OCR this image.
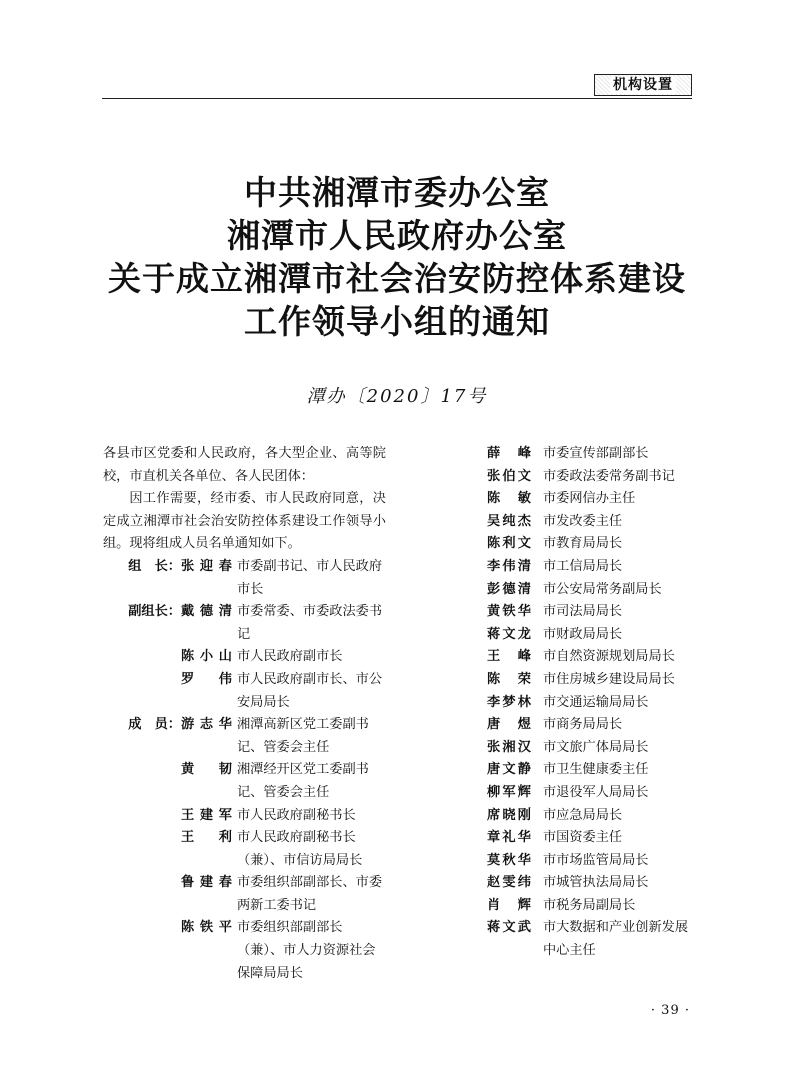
机构设置
中共湘潭市委办公室
湘潭市人民政府办公室
关于成立湘潭市社会治安防控体系建设
工作领导小组的通知
潭办〔2020〕17号

各县市区党委和人民政府，各大型企业、高等院校，市直机关各单位、各人民团体：

因工作需要，经市委、市人民政府同意，决定成立湘潭市社会治安防控体系建设工作领导小组。现将组成人员名单通知如下。

组　长： 张迎春 市委副书记、市人民政府市长
副组长： 戴德清 市委常委、市委政法委书记
陈小山 市人民政府副市长
罗　伟 市人民政府副市长、市公安局局长
成　员： 游志华 湘潭高新区党工委副书记、管委会主任
黄　韧 湘潭经开区党工委副书记、管委会主任
王建军 市人民政府副秘书长
王　利 市人民政府副秘书长（兼）、市信访局局长
鲁建春 市委组织部副部长、市委两新工委书记
陈铁平 市委组织部副部长（兼）、市人力资源社会保障局局长
薛　峰 市委宣传部副部长
张伯文 市委政法委常务副书记
陈　敏 市委网信办主任
吴纯杰 市发改委主任
陈利文 市教育局局长
李伟清 市工信局局长
彭德清 市公安局常务副局长
黄铁华 市司法局局长
蒋文龙 市财政局局长
王　峰 市自然资源规划局局长
陈　荣 市住房城乡建设局局长
李梦林 市交通运输局局长
唐　煜 市商务局局长
张湘汉 市文旅广体局局长
唐文静 市卫生健康委主任
柳军辉 市退役军人局局长
席晓刚 市应急局局长
章礼华 市国资委主任
莫秋华 市市场监管局局长
赵雯纬 市城管执法局局长
肖　辉 市税务局副局长
蒋文武 市大数据和产业创新发展中心主任
· 39 ·
